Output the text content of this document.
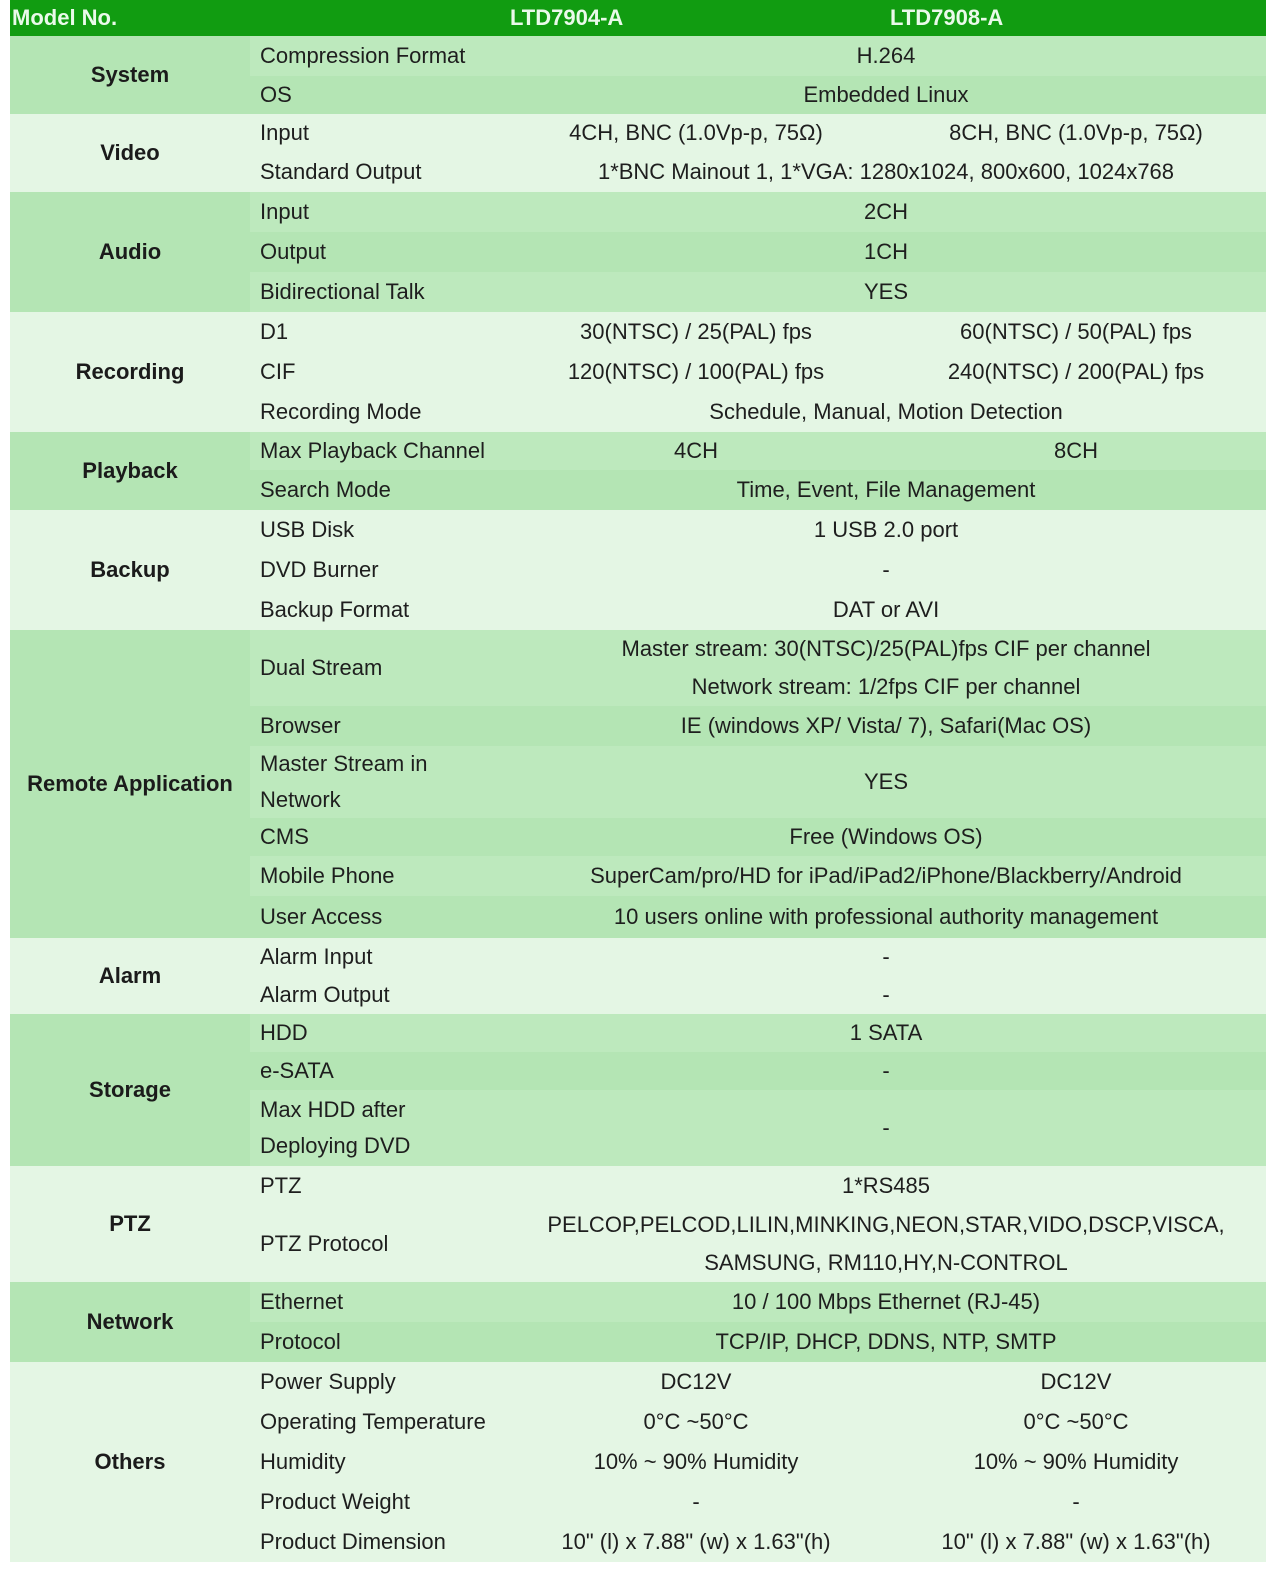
Model No.		LTD7904-A	LTD7908-A
System	Compression Format	H.264	

	OS	Embedded Linux	

Video	Input	4CH, BNC (1.0Vp-p, 75Ω)	8CH, BNC (1.0Vp-p, 75Ω)
	Standard Output	1*BNC Mainout 1, 1*VGA: 1280x1024, 800x600, 1024x768	

Audio	Input	2CH	

	Output	1CH	

	Bidirectional Talk	YES	

Recording	D1	30(NTSC) / 25(PAL) fps	60(NTSC) / 50(PAL) fps
	CIF	120(NTSC) / 100(PAL) fps	240(NTSC) / 200(PAL) fps
	Recording Mode	Schedule, Manual, Motion Detection	

Playback	Max Playback Channel	4CH	8CH
	Search Mode	Time, Event, File Management	

Backup	USB Disk	1 USB 2.0 port	

	DVD Burner	-	

	Backup Format	DAT or AVI	

Remote Application	Dual Stream	Master stream: 30(NTSC)/25(PAL)fps CIF per channel
Network stream: 1/2fps CIF per channel	

	Browser	IE (windows XP/ Vista/ 7), Safari(Mac OS)	

	Master Stream in Network	YES	

	CMS	Free (Windows OS)	

	Mobile Phone	SuperCam/pro/HD for iPad/iPad2/iPhone/Blackberry/Android	

	User Access	10 users online with professional authority management	

Alarm	Alarm Input	-	

	Alarm Output	-	

Storage	HDD	1 SATA	

	e-SATA	-	

	Max HDD after Deploying DVD	-	

PTZ	PTZ	1*RS485	

	PTZ Protocol	PELCOP,PELCOD,LILIN,MINKING,NEON,STAR,VIDO,DSCP,VISCA,
SAMSUNG, RM110,HY,N-CONTROL	

Network	Ethernet	10 / 100 Mbps Ethernet (RJ-45)	

	Protocol	TCP/IP, DHCP, DDNS, NTP, SMTP	

Others	Power Supply	DC12V	DC12V
	Operating Temperature	0°C ~50°C	0°C ~50°C
	Humidity	10% ~ 90% Humidity	10% ~ 90% Humidity
	Product Weight	-	-
	Product Dimension	10" (l) x 7.88" (w) x 1.63"(h)	10" (l) x 7.88" (w) x 1.63"(h)
